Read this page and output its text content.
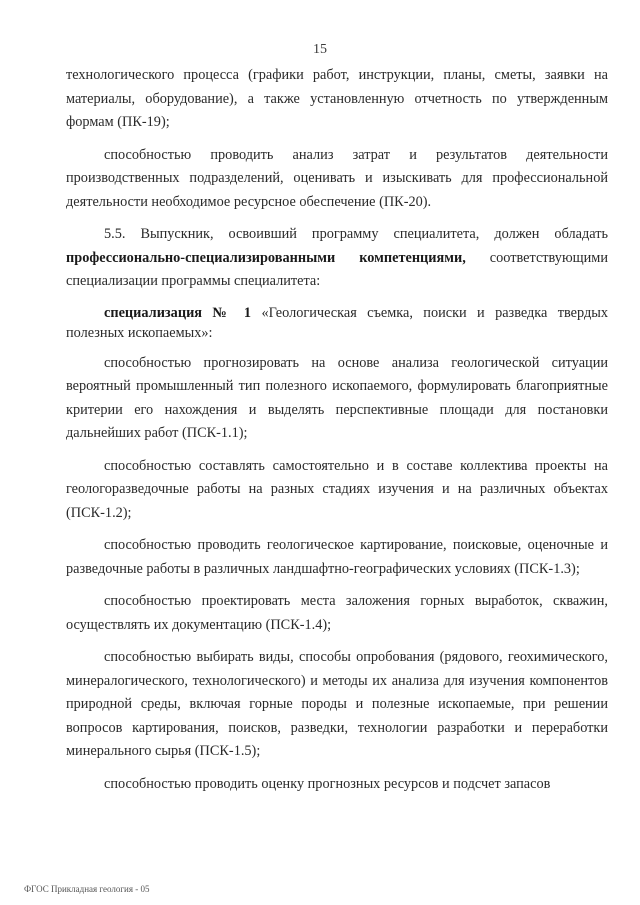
15

технологического процесса (графики работ, инструкции, планы, сметы, заявки на материалы, оборудование), а также установленную отчетность по утвержденным формам (ПК-19);

способностью проводить анализ затрат и результатов деятельности производственных подразделений, оценивать и изыскивать для профессиональной деятельности необходимое ресурсное обеспечение (ПК-20).

5.5. Выпускник, освоивший программу специалитета, должен обладать профессионально-специализированными компетенциями, соответствующими специализации программы специалитета:

специализация № 1 «Геологическая съемка, поиски и разведка твердых полезных ископаемых»:

способностью прогнозировать на основе анализа геологической ситуации вероятный промышленный тип полезного ископаемого, формулировать благоприятные критерии его нахождения и выделять перспективные площади для постановки дальнейших работ (ПСК-1.1);

способностью составлять самостоятельно и в составе коллектива проекты на геологоразведочные работы на разных стадиях изучения и на различных объектах (ПСК-1.2);

способностью проводить геологическое картирование, поисковые, оценочные и разведочные работы в различных ландшафтно-географических условиях (ПСК-1.3);

способностью проектировать места заложения горных выработок, скважин, осуществлять их документацию (ПСК-1.4);

способностью выбирать виды, способы опробования (рядового, геохимического, минералогического, технологического) и методы их анализа для изучения компонентов природной среды, включая горные породы и полезные ископаемые, при решении вопросов картирования, поисков, разведки, технологии разработки и переработки минерального сырья (ПСК-1.5);

способностью проводить оценку прогнозных ресурсов и подсчет запасов

ФГОС Прикладная геология - 05
